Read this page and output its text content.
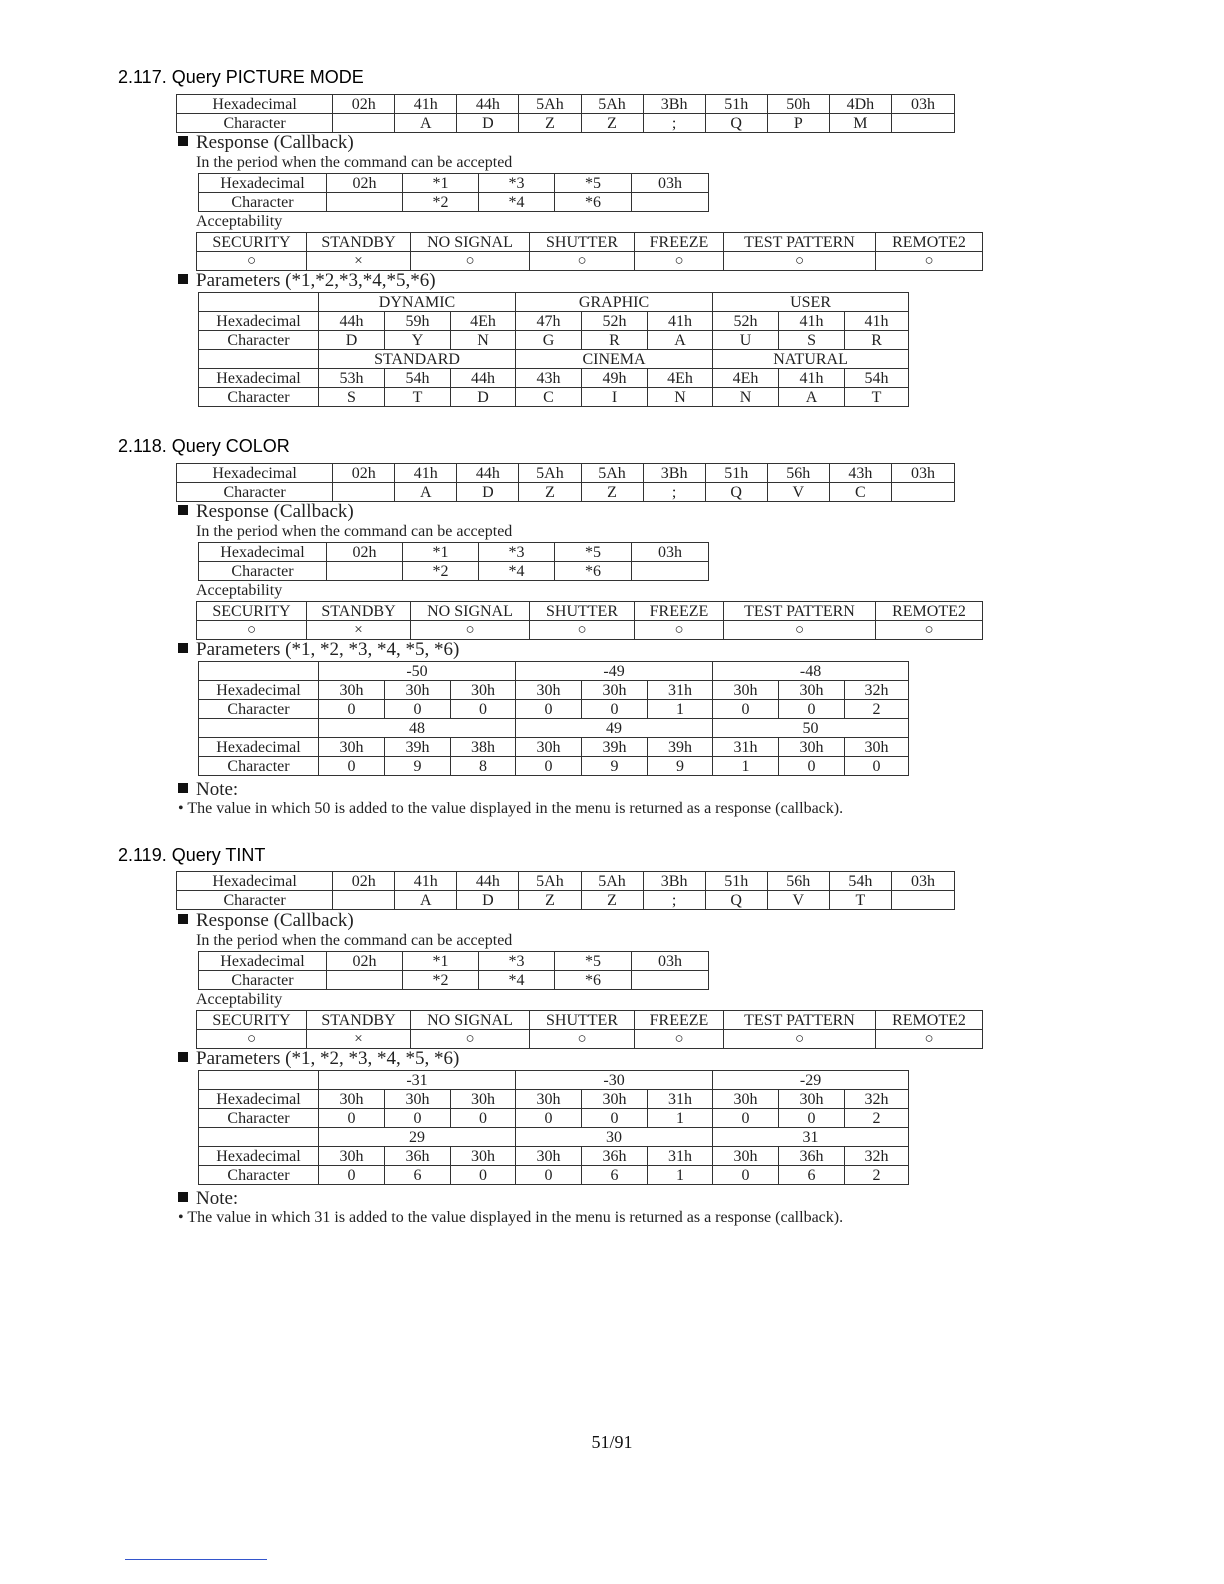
2.117. Query PICTURE MODE
Hexadecimal	02h	41h	44h	5Ah	5Ah	3Bh	51h	50h	4Dh	03h
Character		A	D	Z	Z	;	Q	P	M	
Response (Callback)
In the period when the command can be accepted
Hexadecimal	02h	*1	*3	*5	03h
Character		*2	*4	*6	
Acceptability
SECURITY	STANDBY	NO SIGNAL	SHUTTER	FREEZE	TEST PATTERN	REMOTE2
○	×	○	○	○	○	○
Parameters (*1,*2,*3,*4,*5,*6)
	DYNAMIC			GRAPHIC			USER		
Hexadecimal	44h	59h	4Eh	47h	52h	41h	52h	41h	41h
Character	D	Y	N	G	R	A	U	S	R
	STANDARD			CINEMA			NATURAL		
Hexadecimal	53h	54h	44h	43h	49h	4Eh	4Eh	41h	54h
Character	S	T	D	C	I	N	N	A	T
2.118. Query COLOR
Hexadecimal	02h	41h	44h	5Ah	5Ah	3Bh	51h	56h	43h	03h
Character		A	D	Z	Z	;	Q	V	C	
Response (Callback)
In the period when the command can be accepted
Hexadecimal	02h	*1	*3	*5	03h
Character		*2	*4	*6	
Acceptability
SECURITY	STANDBY	NO SIGNAL	SHUTTER	FREEZE	TEST PATTERN	REMOTE2
○	×	○	○	○	○	○
Parameters (*1, *2, *3, *4, *5, *6)
	-50			-49			-48		
Hexadecimal	30h	30h	30h	30h	30h	31h	30h	30h	32h
Character	0	0	0	0	0	1	0	0	2
	48			49			50		
Hexadecimal	30h	39h	38h	30h	39h	39h	31h	30h	30h
Character	0	9	8	0	9	9	1	0	0
Note:
• The value in which 50 is added to the value displayed in the menu is returned as a response (callback).
2.119. Query TINT
Hexadecimal	02h	41h	44h	5Ah	5Ah	3Bh	51h	56h	54h	03h
Character		A	D	Z	Z	;	Q	V	T	
Response (Callback)
In the period when the command can be accepted
Hexadecimal	02h	*1	*3	*5	03h
Character		*2	*4	*6	
Acceptability
SECURITY	STANDBY	NO SIGNAL	SHUTTER	FREEZE	TEST PATTERN	REMOTE2
○	×	○	○	○	○	○
Parameters (*1, *2, *3, *4, *5, *6)
	-31			-30			-29		
Hexadecimal	30h	30h	30h	30h	30h	31h	30h	30h	32h
Character	0	0	0	0	0	1	0	0	2
	29			30			31		
Hexadecimal	30h	36h	30h	30h	36h	31h	30h	36h	32h
Character	0	6	0	0	6	1	0	6	2
Note:
• The value in which 31 is added to the value displayed in the menu is returned as a response (callback).
51/91
